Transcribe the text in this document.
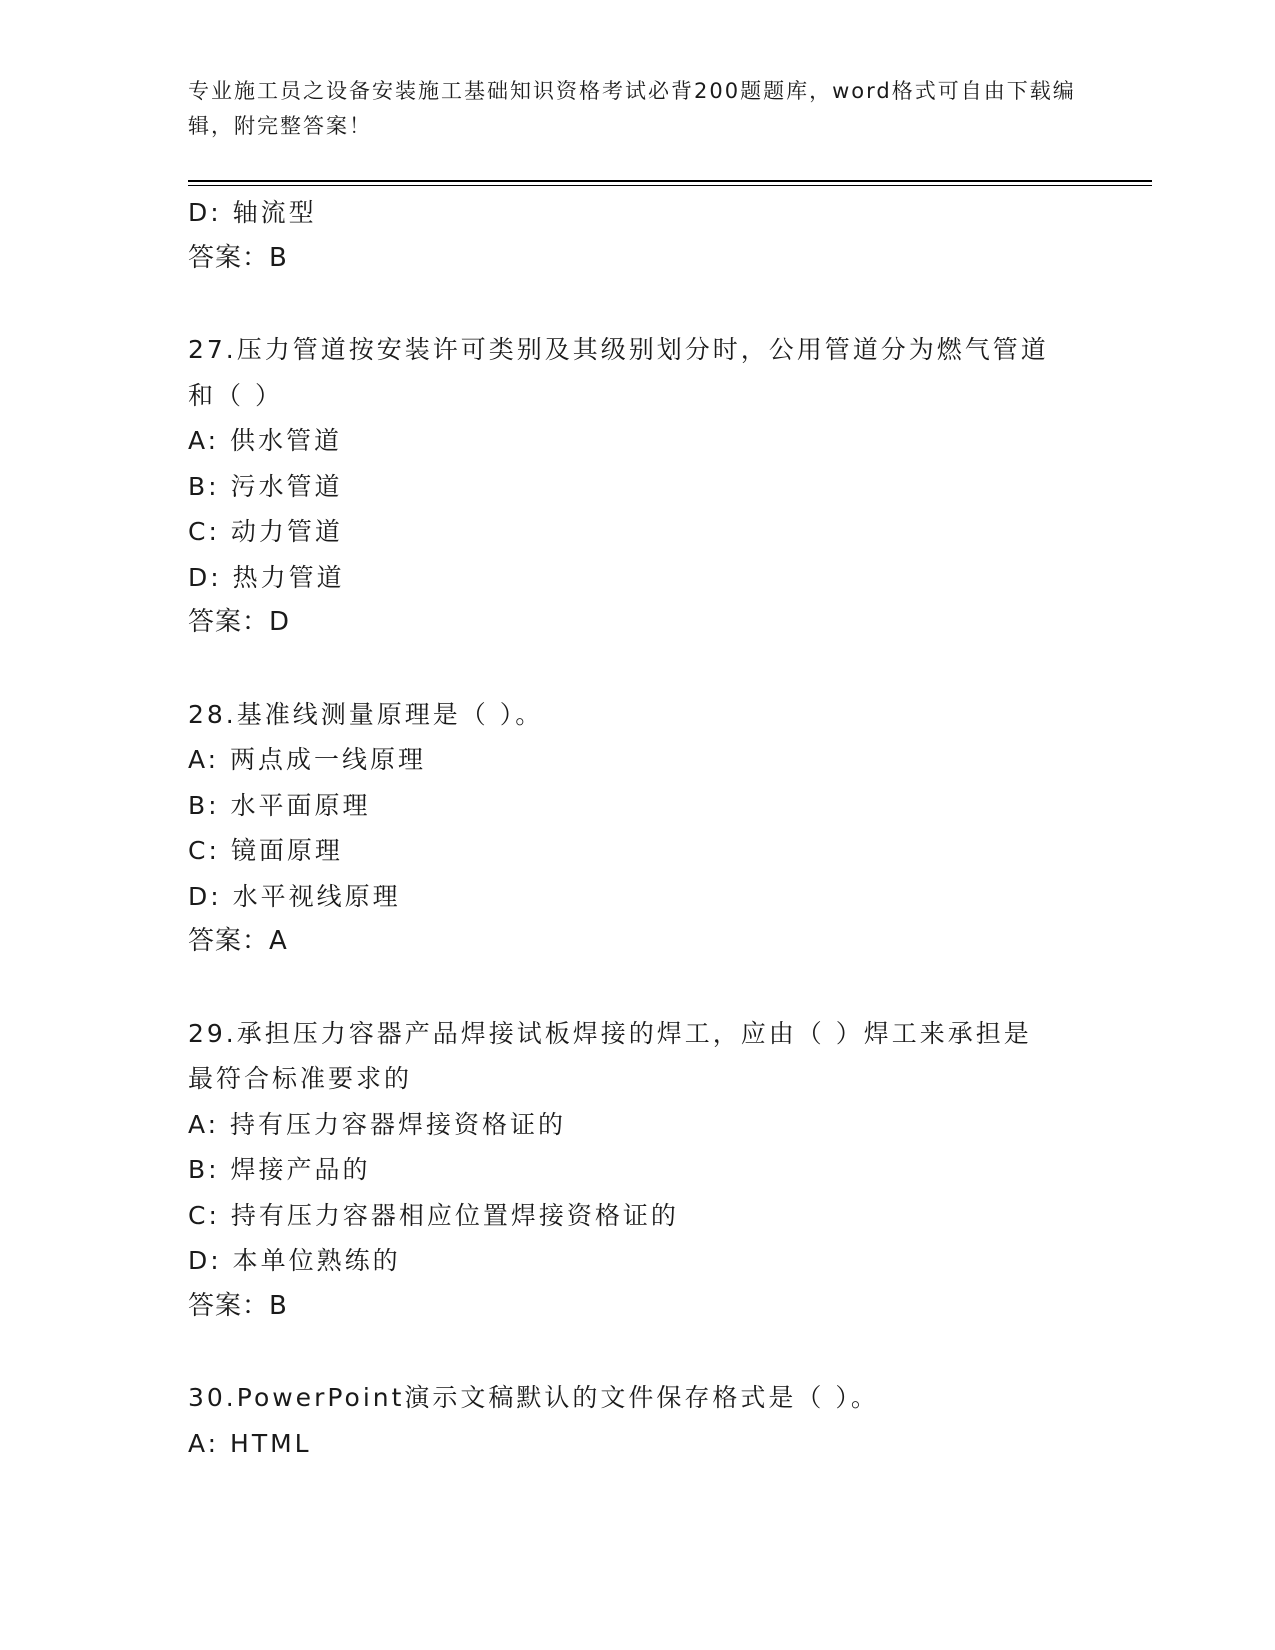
专业施工员之设备安装施工基础知识资格考试必背200题题库，word格式可自由下载编辑，附完整答案！

D: 轴流型

答案：B

27.压力管道按安装许可类别及其级别划分时，公用管道分为燃气管道

和（ ）

A: 供水管道

B: 污水管道

C: 动力管道

D: 热力管道

答案：D

28.基准线测量原理是（ ）。

A: 两点成一线原理

B: 水平面原理

C: 镜面原理

D: 水平视线原理

答案：A

29.承担压力容器产品焊接试板焊接的焊工，应由（ ）焊工来承担是

最符合标准要求的

A: 持有压力容器焊接资格证的

B: 焊接产品的

C: 持有压力容器相应位置焊接资格证的

D: 本单位熟练的

答案：B

30.PowerPoint演示文稿默认的文件保存格式是（ ）。

A: HTML
